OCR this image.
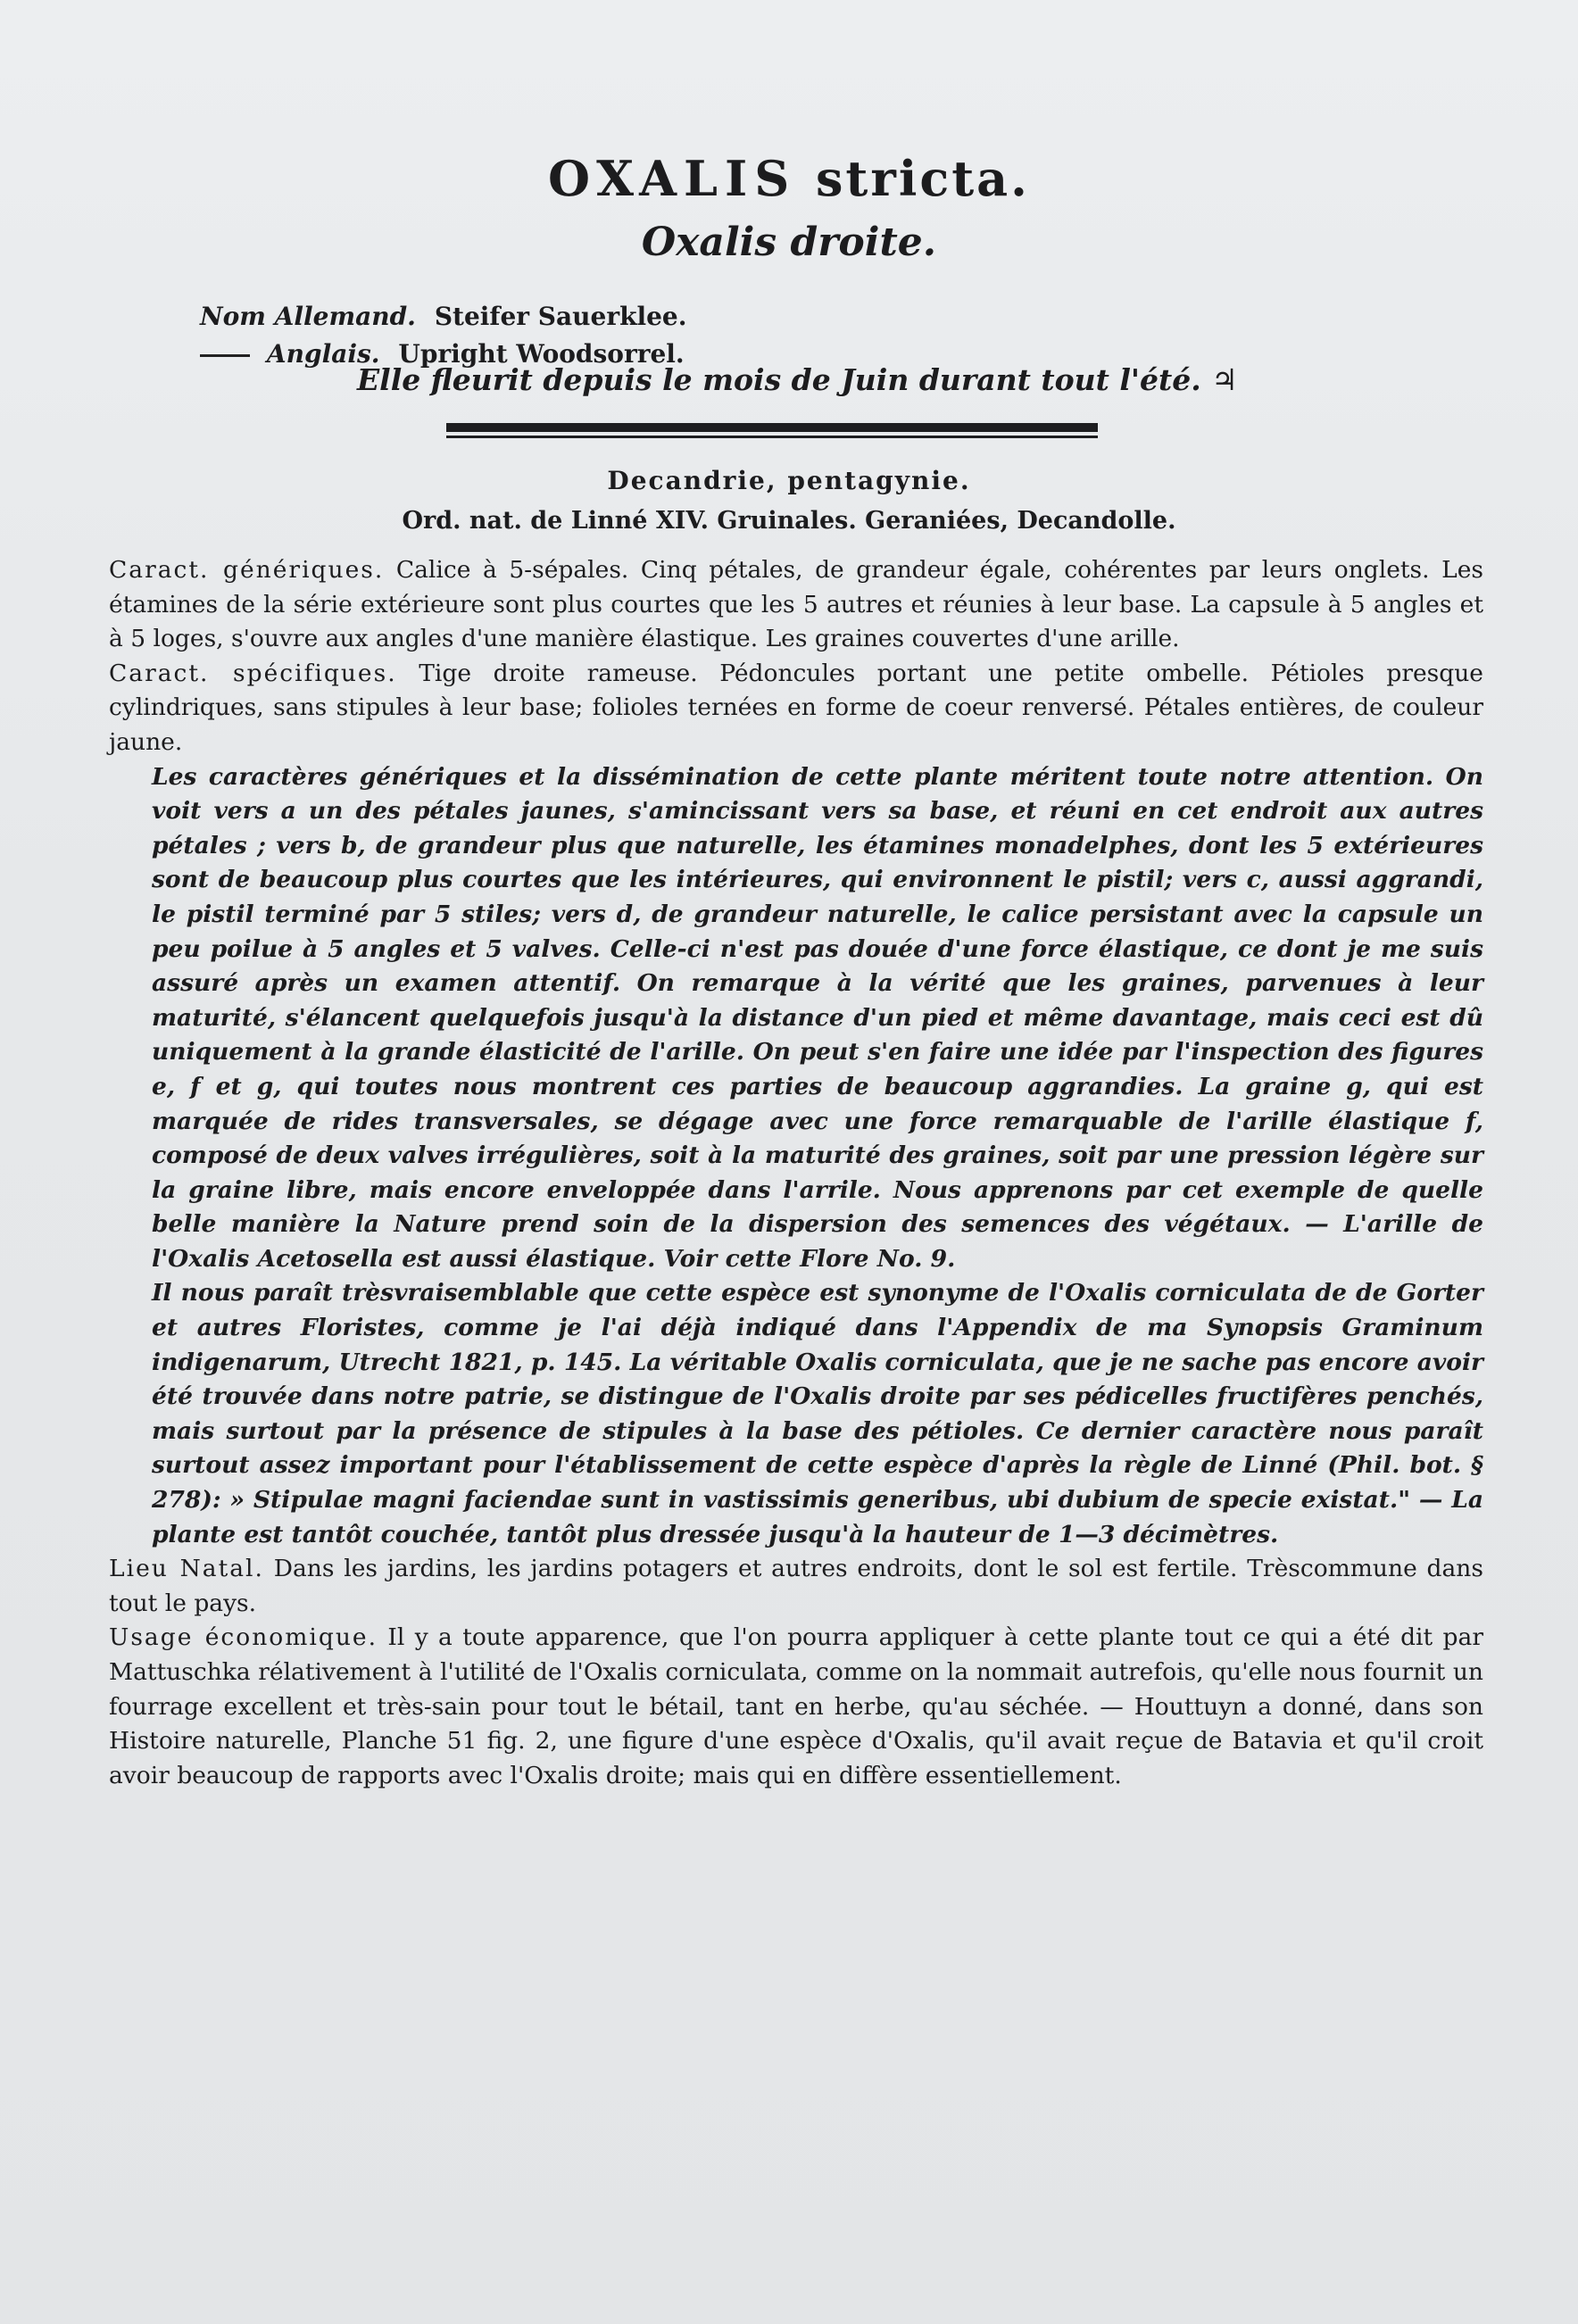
OXALIS stricta.
Oxalis droite.
Nom Allemand. Steifer Sauerklee.
Anglais. Upright Woodsorrel.
Elle fleurit depuis le mois de Juin durant tout l'été. ♃
Decandrie, pentagynie.
Ord. nat. de Linné XIV. Gruinales. Geraniées, Decandolle.

Caract. génériques. Calice à 5-sépales. Cinq pétales, de grandeur égale, cohérentes par leurs onglets. Les étamines de la série extérieure sont plus courtes que les 5 autres et réunies à leur base. La capsule à 5 angles et à 5 loges, s'ouvre aux angles d'une manière élastique. Les graines couvertes d'une arille.

Caract. spécifiques. Tige droite rameuse. Pédoncules portant une petite ombelle. Pétioles presque cylindriques, sans stipules à leur base; folioles ternées en forme de coeur renversé. Pétales entières, de couleur jaune.

Les caractères génériques et la dissémination de cette plante méritent toute notre attention. On voit vers a un des pétales jaunes, s'amincissant vers sa base, et réuni en cet endroit aux autres pétales ; vers b, de grandeur plus que naturelle, les étamines monadelphes, dont les 5 extérieures sont de beaucoup plus courtes que les intérieures, qui environnent le pistil; vers c, aussi aggrandi, le pistil terminé par 5 stiles; vers d, de grandeur naturelle, le calice persistant avec la capsule un peu poilue à 5 angles et 5 valves. Celle-ci n'est pas douée d'une force élastique, ce dont je me suis assuré après un examen attentif. On remarque à la vérité que les graines, parvenues à leur maturité, s'élancent quelquefois jusqu'à la distance d'un pied et même davantage, mais ceci est dû uniquement à la grande élasticité de l'arille. On peut s'en faire une idée par l'inspection des figures e, f et g, qui toutes nous montrent ces parties de beaucoup aggrandies. La graine g, qui est marquée de rides transversales, se dégage avec une force remarquable de l'arille élastique f, composé de deux valves irrégulières, soit à la maturité des graines, soit par une pression légère sur la graine libre, mais encore enveloppée dans l'arrile. Nous apprenons par cet exemple de quelle belle manière la Nature prend soin de la dispersion des semences des végétaux. — L'arille de l'Oxalis Acetosella est aussi élastique. Voir cette Flore No. 9.

Il nous paraît trèsvraisemblable que cette espèce est synonyme de l'Oxalis corniculata de de Gorter et autres Floristes, comme je l'ai déjà indiqué dans l'Appendix de ma Synopsis Graminum indigenarum, Utrecht 1821, p. 145. La véritable Oxalis corniculata, que je ne sache pas encore avoir été trouvée dans notre patrie, se distingue de l'Oxalis droite par ses pédicelles fructifères penchés, mais surtout par la présence de stipules à la base des pétioles. Ce dernier caractère nous paraît surtout assez important pour l'établissement de cette espèce d'après la règle de Linné (Phil. bot. § 278): » Stipulae magni faciendae sunt in vastissimis generibus, ubi dubium de specie existat." — La plante est tantôt couchée, tantôt plus dressée jusqu'à la hauteur de 1—3 décimètres.

Lieu Natal. Dans les jardins, les jardins potagers et autres endroits, dont le sol est fertile. Trèscommune dans tout le pays.

Usage économique. Il y a toute apparence, que l'on pourra appliquer à cette plante tout ce qui a été dit par Mattuschka rélativement à l'utilité de l'Oxalis corniculata, comme on la nommait autrefois, qu'elle nous fournit un fourrage excellent et très-sain pour tout le bétail, tant en herbe, qu'au séchée. — Houttuyn a donné, dans son Histoire naturelle, Planche 51 fig. 2, une figure d'une espèce d'Oxalis, qu'il avait reçue de Batavia et qu'il croit avoir beaucoup de rapports avec l'Oxalis droite; mais qui en diffère essentiellement.
